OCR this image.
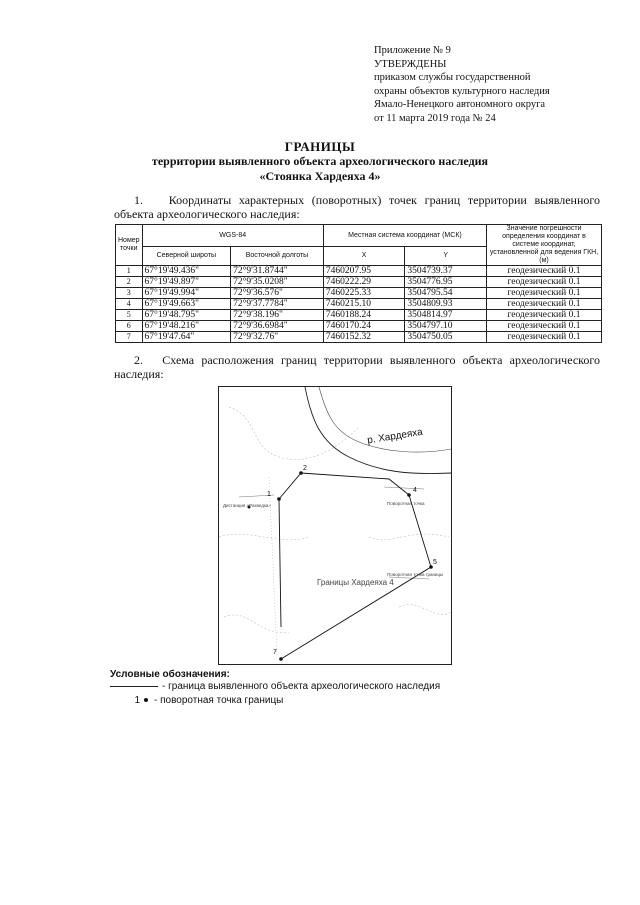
Приложение № 9
УТВЕРЖДЕНЫ
приказом службы государственной
охраны объектов культурного наследия
Ямало-Ненецкого автономного округа
от 11 марта 2019 года № 24
ГРАНИЦЫ
территории выявленного объекта археологического наследия
«Стоянка Хардеяха 4»
1. Координаты характерных (поворотных) точек границ территории выявленного объекта археологического наследия:
Номер точки	WGS-84		Местная система координат (МСК)		Значение погрешности определения координат в системе координат, установленной для ведения ГКН, (м)
	Северной широты	Восточной долготы	X	Y	
1	67°19'49.436"	72°9'31.8744"	7460207.95	3504739.37	геодезический 0.1
2	67°19'49.897"	72°9'35.0208"	7460222.29	3504776.95	геодезический 0.1
3	67°19'49.994"	72°9'36.576"	7460225.33	3504795.54	геодезический 0.1
4	67°19'49.663"	72°9'37.7784"	7460215.10	3504809.93	геодезический 0.1
5	67°19'48.795"	72°9'38.196"	7460188.24	3504814.97	геодезический 0.1
6	67°19'48.216"	72°9'36.6984"	7460170.24	3504797.10	геодезический 0.1
7	67°19'47.64"	72°9'32.76"	7460152.32	3504750.05	геодезический 0.1
2. Схема расположения границ территории выявленного объекта археологического наследия:
р. Хардеяха
Границы Хардеяха 4
1
2
4
5
7
Дистанция «Разведка»	Поворотная точка
Поворотная точка границы
Условные обозначения:
- граница выявленного объекта археологического наследия
1 - поворотная точка границы
